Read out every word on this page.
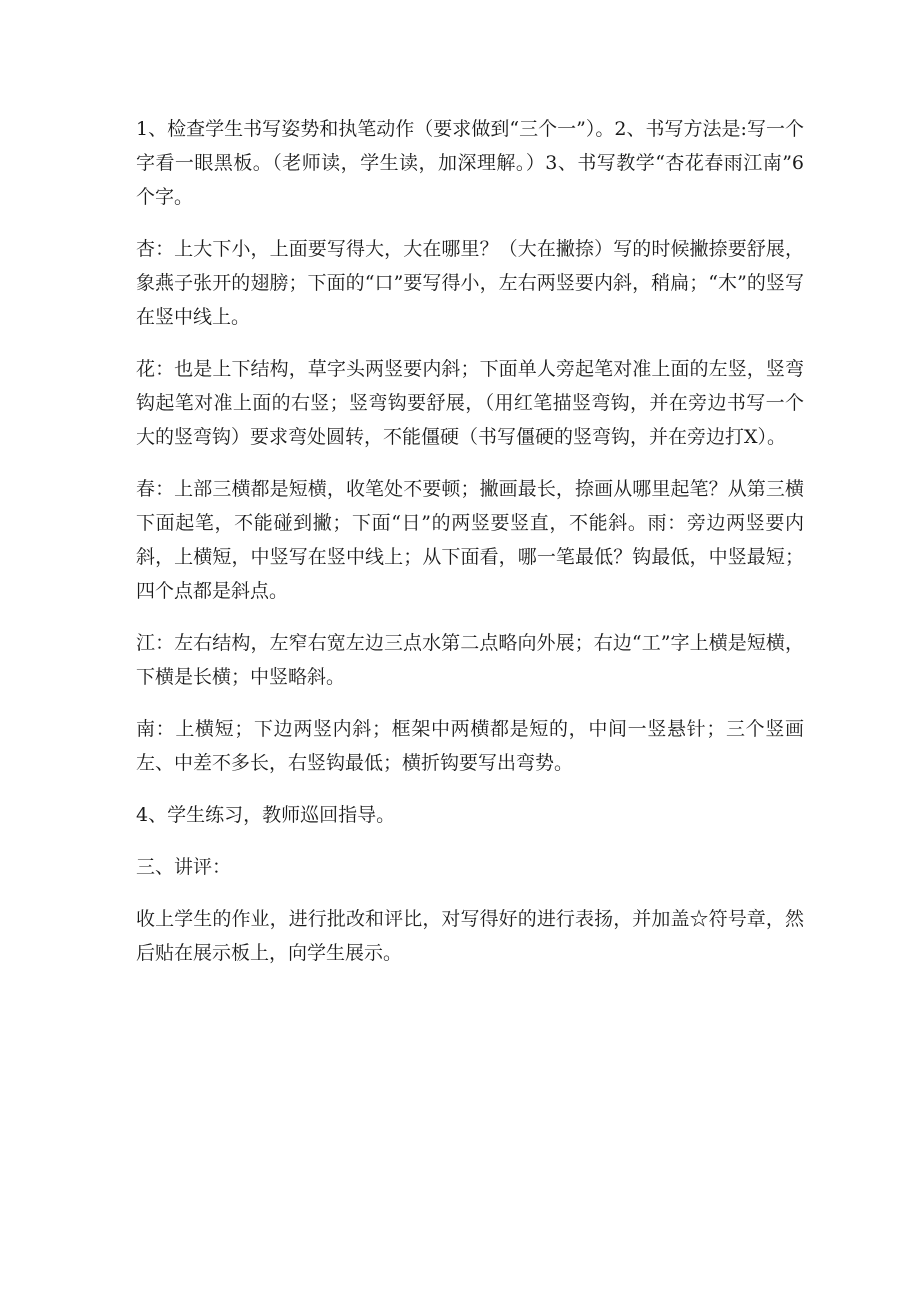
1、检查学生书写姿势和执笔动作（要求做到“三个一”）。2、书写方法是:写一个字看一眼黑板。（老师读，学生读，加深理解。）3、书写教学“杏花春雨江南”6个字。

杏：上大下小，上面要写得大，大在哪里？（大在撇捺）写的时候撇捺要舒展，象燕子张开的翅膀；下面的“口”要写得小，左右两竖要内斜，稍扁；“木”的竖写在竖中线上。

花：也是上下结构，草字头两竖要内斜；下面单人旁起笔对准上面的左竖，竖弯钩起笔对准上面的右竖；竖弯钩要舒展，（用红笔描竖弯钩，并在旁边书写一个大的竖弯钩）要求弯处圆转，不能僵硬（书写僵硬的竖弯钩，并在旁边打X）。

春：上部三横都是短横，收笔处不要顿；撇画最长，捺画从哪里起笔？从第三横下面起笔，不能碰到撇；下面“日”的两竖要竖直，不能斜。雨：旁边两竖要内斜，上横短，中竖写在竖中线上；从下面看，哪一笔最低？钩最低，中竖最短；四个点都是斜点。

江：左右结构，左窄右宽左边三点水第二点略向外展；右边“工”字上横是短横，下横是长横；中竖略斜。

南：上横短；下边两竖内斜；框架中两横都是短的，中间一竖悬针；三个竖画左、中差不多长，右竖钩最低；横折钩要写出弯势。

4、学生练习，教师巡回指导。

三、讲评：

收上学生的作业，进行批改和评比，对写得好的进行表扬，并加盖☆符号章，然后贴在展示板上，向学生展示。
